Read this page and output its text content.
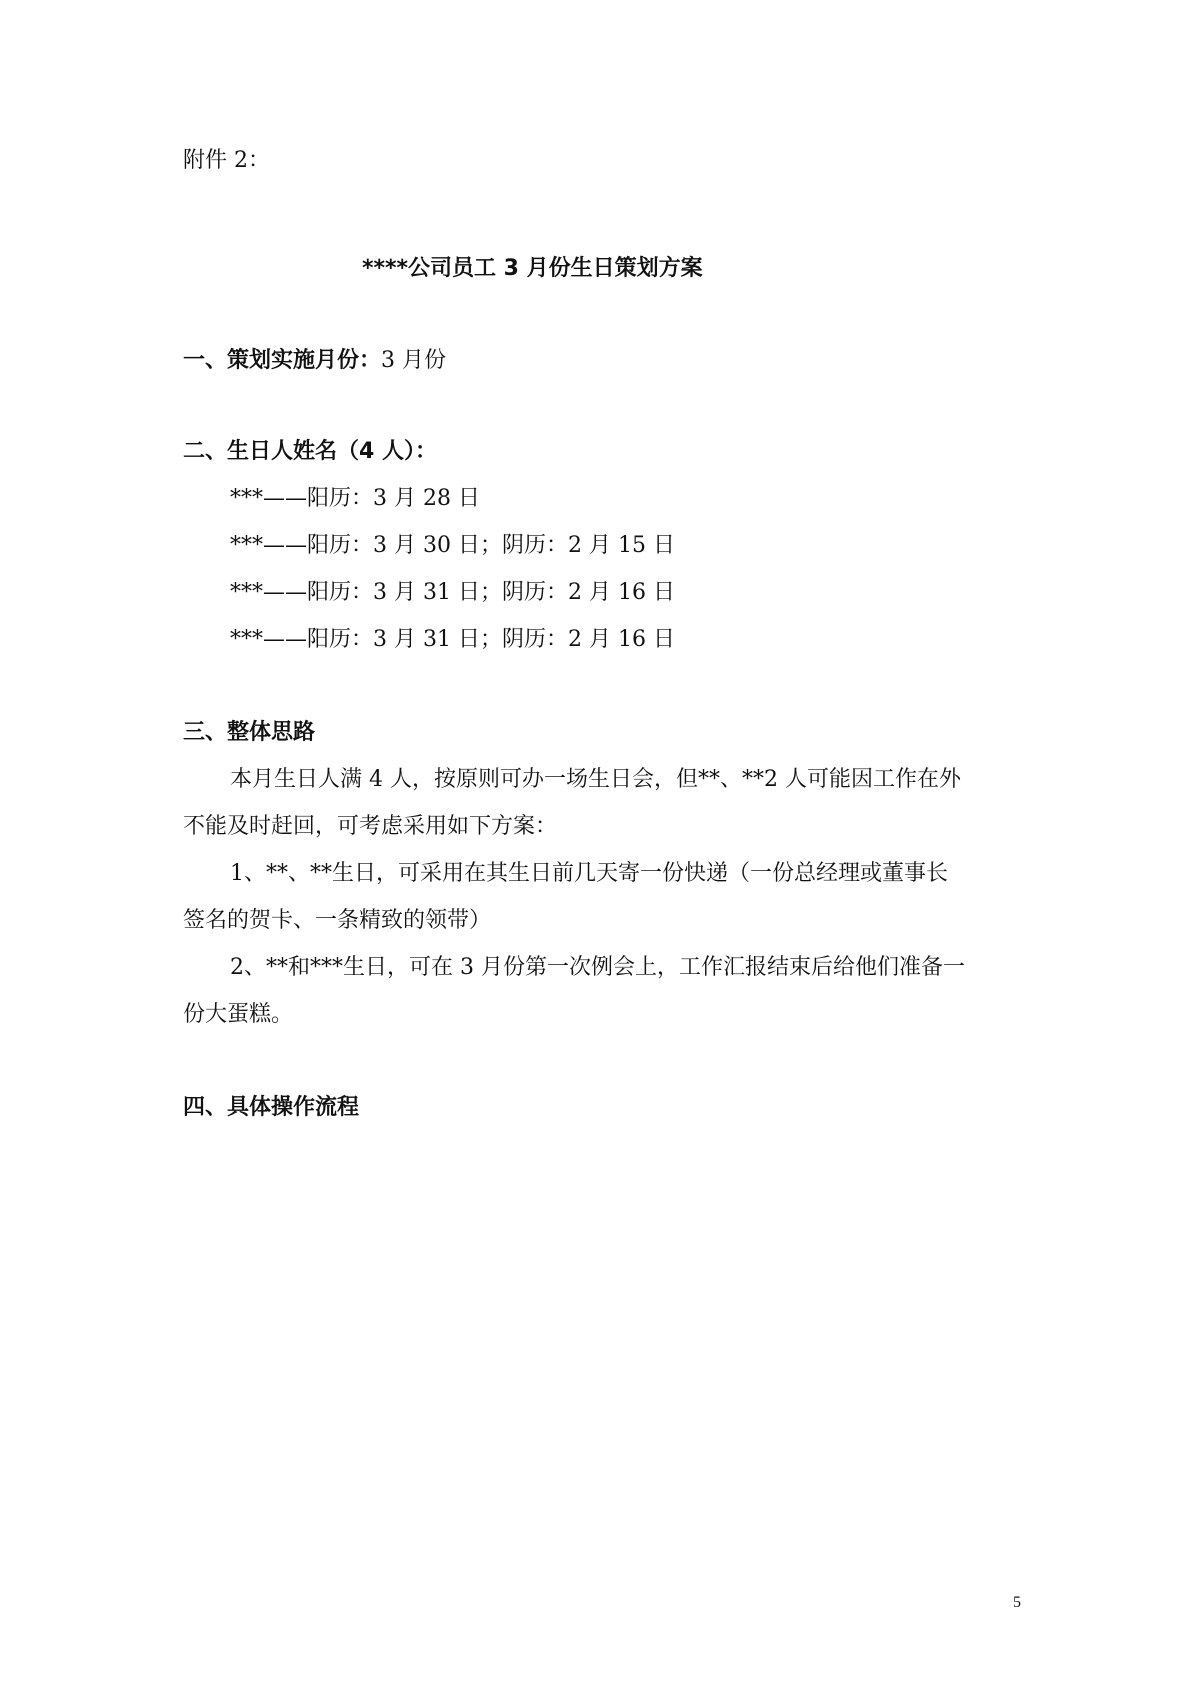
附件 2：

****公司员工 3 月份生日策划方案

一、策划实施月份：3 月份

二、生日人姓名（4 人）：

***——阳历：3 月 28 日

***——阳历：3 月 30 日；阴历：2 月 15 日

***——阳历：3 月 31 日；阴历：2 月 16 日

***——阳历：3 月 31 日；阴历：2 月 16 日

三、整体思路

本月生日人满 4 人，按原则可办一场生日会，但**、**2 人可能因工作在外

不能及时赶回，可考虑采用如下方案：

1、**、**生日，可采用在其生日前几天寄一份快递（一份总经理或董事长

签名的贺卡、一条精致的领带）

2、**和***生日，可在 3 月份第一次例会上，工作汇报结束后给他们准备一

份大蛋糕。

四、具体操作流程

5
